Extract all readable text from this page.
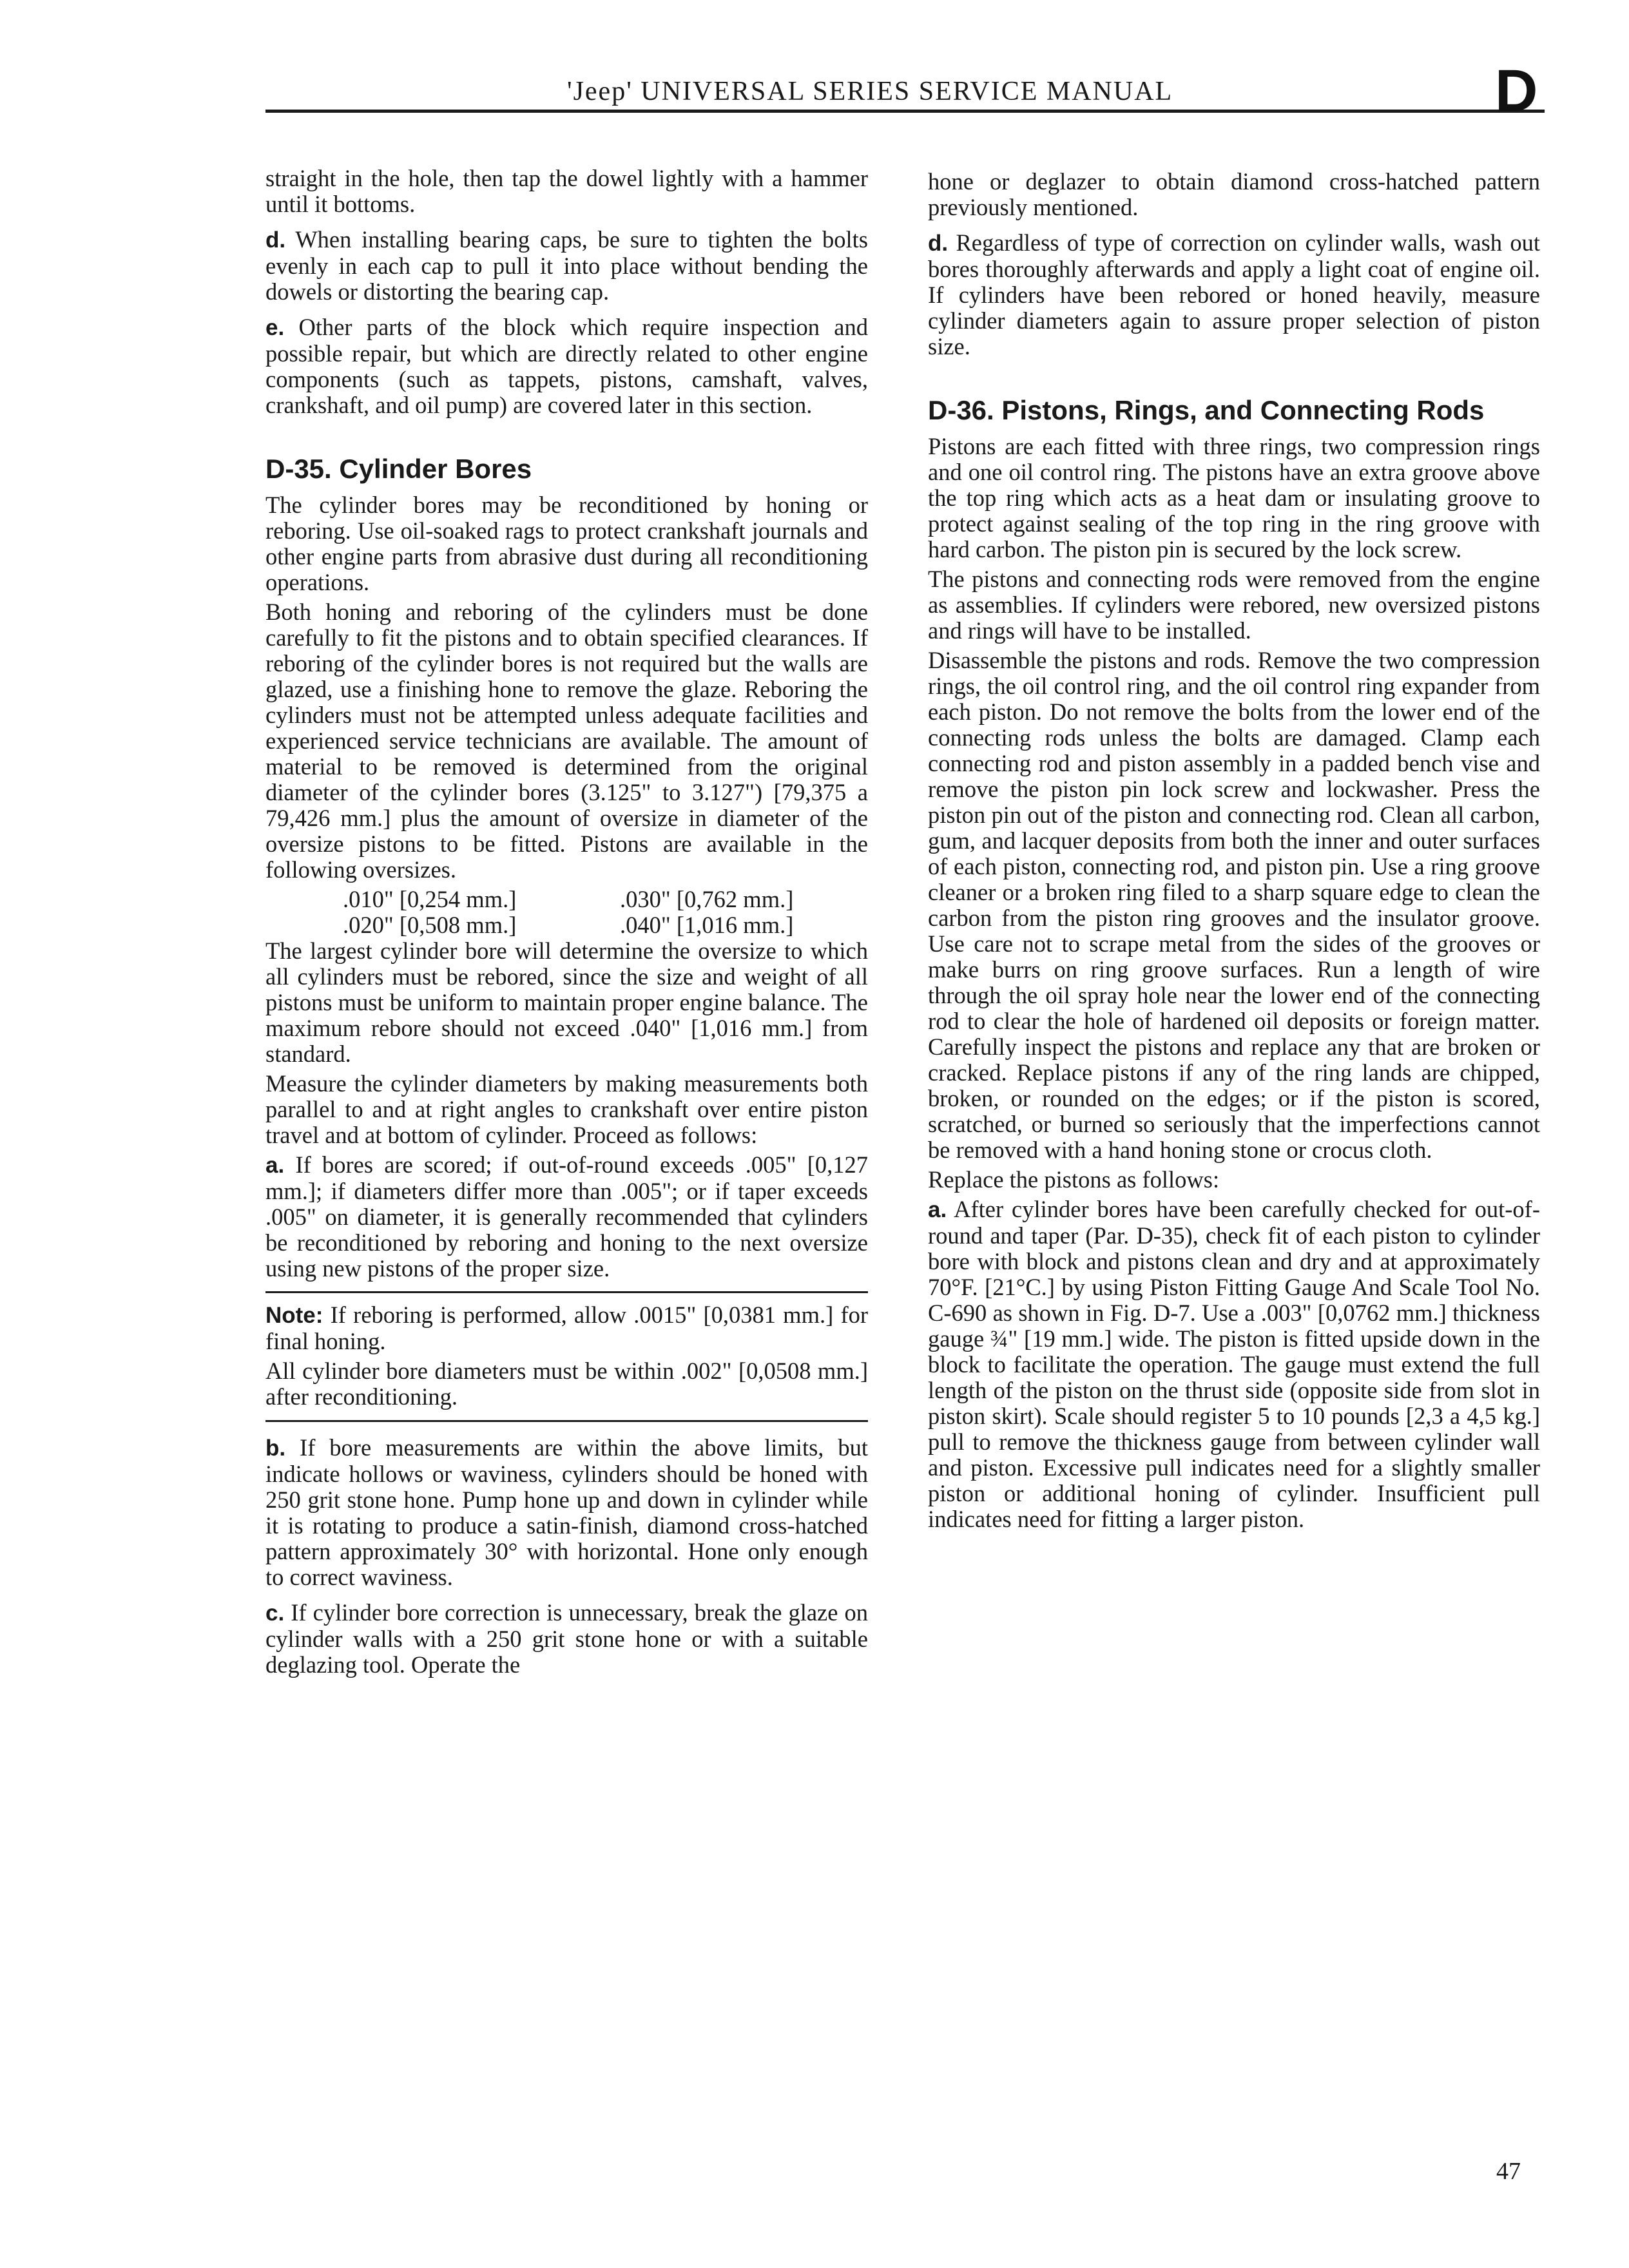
'Jeep' UNIVERSAL SERIES SERVICE MANUAL	D

straight in the hole, then tap the dowel lightly with a hammer until it bottoms.

d. When installing bearing caps, be sure to tighten the bolts evenly in each cap to pull it into place without bending the dowels or distorting the bearing cap.

e. Other parts of the block which require inspection and possible repair, but which are directly related to other engine components (such as tappets, pistons, camshaft, valves, crankshaft, and oil pump) are covered later in this section.

D-35. Cylinder Bores

The cylinder bores may be reconditioned by honing or reboring. Use oil-soaked rags to protect crankshaft journals and other engine parts from abrasive dust during all reconditioning operations.

Both honing and reboring of the cylinders must be done carefully to fit the pistons and to obtain specified clearances. If reboring of the cylinder bores is not required but the walls are glazed, use a finishing hone to remove the glaze. Reboring the cylinders must not be attempted unless adequate facilities and experienced service technicians are available. The amount of material to be removed is determined from the original diameter of the cylinder bores (3.125" to 3.127") [79,375 a 79,426 mm.] plus the amount of oversize in diameter of the oversize pistons to be fitted. Pistons are available in the following oversizes.

.010" [0,254 mm.]	.030" [0,762 mm.]
.020" [0,508 mm.]	.040" [1,016 mm.]

The largest cylinder bore will determine the oversize to which all cylinders must be rebored, since the size and weight of all pistons must be uniform to maintain proper engine balance. The maximum rebore should not exceed .040" [1,016 mm.] from standard.

Measure the cylinder diameters by making measurements both parallel to and at right angles to crankshaft over entire piston travel and at bottom of cylinder. Proceed as follows:

a. If bores are scored; if out-of-round exceeds .005" [0,127 mm.]; if diameters differ more than .005"; or if taper exceeds .005" on diameter, it is generally recommended that cylinders be reconditioned by reboring and honing to the next oversize using new pistons of the proper size.

Note: If reboring is performed, allow .0015" [0,0381 mm.] for final honing.

All cylinder bore diameters must be within .002" [0,0508 mm.] after reconditioning.

b. If bore measurements are within the above limits, but indicate hollows or waviness, cylinders should be honed with 250 grit stone hone. Pump hone up and down in cylinder while it is rotating to produce a satin-finish, diamond cross-hatched pattern approximately 30° with horizontal. Hone only enough to correct waviness.

c. If cylinder bore correction is unnecessary, break the glaze on cylinder walls with a 250 grit stone hone or with a suitable deglazing tool. Operate the

hone or deglazer to obtain diamond cross-hatched pattern previously mentioned.

d. Regardless of type of correction on cylinder walls, wash out bores thoroughly afterwards and apply a light coat of engine oil. If cylinders have been rebored or honed heavily, measure cylinder diameters again to assure proper selection of piston size.

D-36. Pistons, Rings, and Connecting Rods

Pistons are each fitted with three rings, two compression rings and one oil control ring. The pistons have an extra groove above the top ring which acts as a heat dam or insulating groove to protect against sealing of the top ring in the ring groove with hard carbon. The piston pin is secured by the lock screw.

The pistons and connecting rods were removed from the engine as assemblies. If cylinders were rebored, new oversized pistons and rings will have to be installed.

Disassemble the pistons and rods. Remove the two compression rings, the oil control ring, and the oil control ring expander from each piston. Do not remove the bolts from the lower end of the connecting rods unless the bolts are damaged. Clamp each connecting rod and piston assembly in a padded bench vise and remove the piston pin lock screw and lockwasher. Press the piston pin out of the piston and connecting rod. Clean all carbon, gum, and lacquer deposits from both the inner and outer surfaces of each piston, connecting rod, and piston pin. Use a ring groove cleaner or a broken ring filed to a sharp square edge to clean the carbon from the piston ring grooves and the insulator groove. Use care not to scrape metal from the sides of the grooves or make burrs on ring groove surfaces. Run a length of wire through the oil spray hole near the lower end of the connecting rod to clear the hole of hardened oil deposits or foreign matter. Carefully inspect the pistons and replace any that are broken or cracked. Replace pistons if any of the ring lands are chipped, broken, or rounded on the edges; or if the piston is scored, scratched, or burned so seriously that the imperfections cannot be removed with a hand honing stone or crocus cloth.

Replace the pistons as follows:

a. After cylinder bores have been carefully checked for out-of-round and taper (Par. D-35), check fit of each piston to cylinder bore with block and pistons clean and dry and at approximately 70°F. [21°C.] by using Piston Fitting Gauge And Scale Tool No. C-690 as shown in Fig. D-7. Use a .003" [0,0762 mm.] thickness gauge ¾" [19 mm.] wide. The piston is fitted upside down in the block to facilitate the operation. The gauge must extend the full length of the piston on the thrust side (opposite side from slot in piston skirt). Scale should register 5 to 10 pounds [2,3 a 4,5 kg.] pull to remove the thickness gauge from between cylinder wall and piston. Excessive pull indicates need for a slightly smaller piston or additional honing of cylinder. Insufficient pull indicates need for fitting a larger piston.

47
